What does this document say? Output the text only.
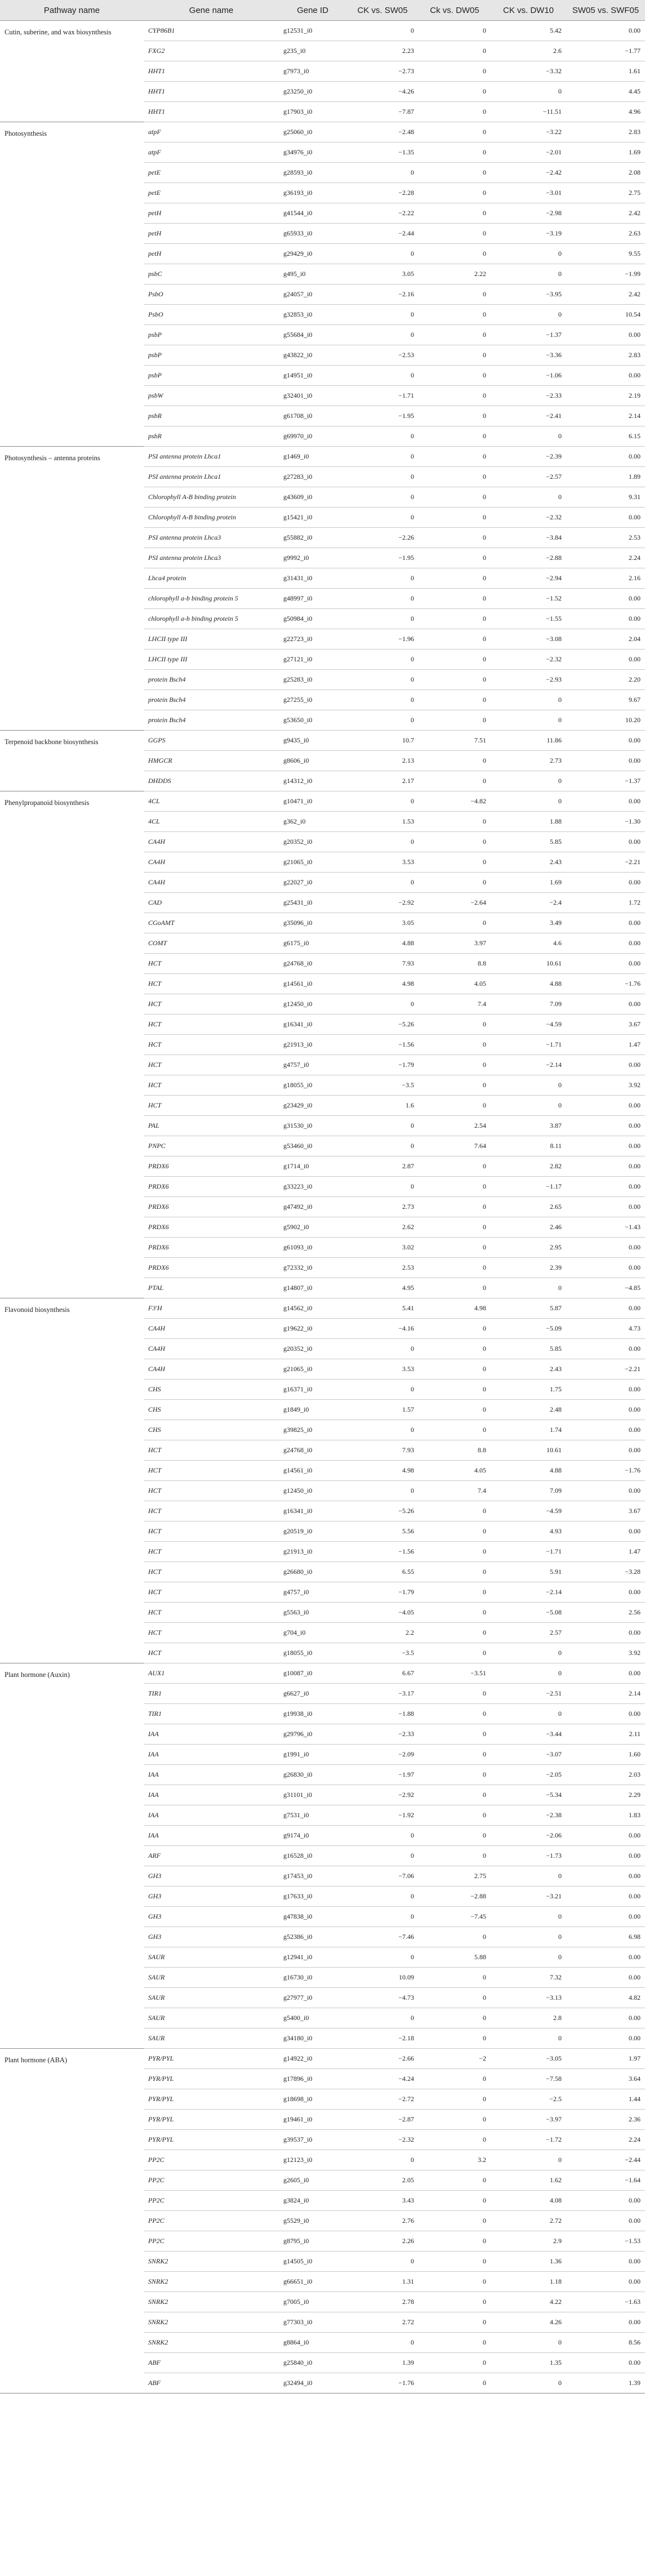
Pathway name	Gene name	Gene ID	CK vs. SW05	Ck vs. DW05	CK vs. DW10	SW05 vs. SWF05
Cutin, suberine, and wax biosynthesis	CYP86B1	g12531_i0	0	0	5.42	0.00
	FXG2	g235_i0	2.23	0	2.6	−1.77
	HHT1	g7973_i0	−2.73	0	−3.32	1.61
	HHT1	g23250_i0	−4.26	0	0	4.45
	HHT1	g17903_i0	−7.87	0	−11.51	4.96
Photosynthesis	atpF	g25060_i0	−2.48	0	−3.22	2.83
	atpF	g34976_i0	−1.35	0	−2.01	1.69
	petE	g28593_i0	0	0	−2.42	2.08
	petE	g36193_i0	−2.28	0	−3.01	2.75
	petH	g41544_i0	−2.22	0	−2.98	2.42
	petH	g65933_i0	−2.44	0	−3.19	2.63
	petH	g29429_i0	0	0	0	9.55
	psbC	g495_i0	3.05	2.22	0	−1.99
	PsbO	g24057_i0	−2.16	0	−3.95	2.42
	PsbO	g32853_i0	0	0	0	10.54
	psbP	g55684_i0	0	0	−1.37	0.00
	psbP	g43822_i0	−2.53	0	−3.36	2.83
	psbP	g14951_i0	0	0	−1.06	0.00
	psbW	g32401_i0	−1.71	0	−2.33	2.19
	psbR	g61708_i0	−1.95	0	−2.41	2.14
	psbR	g69970_i0	0	0	0	6.15
Photosynthesis – antenna proteins	PSI antenna protein Lhca1	g1469_i0	0	0	−2.39	0.00
	PSI antenna protein Lhca1	g27283_i0	0	0	−2.57	1.89
	Chlorophyll A-B binding protein	g43609_i0	0	0	0	9.31
	Chlorophyll A-B binding protein	g15421_i0	0	0	−2.32	0.00
	PSI antenna protein Lhca3	g55882_i0	−2.26	0	−3.84	2.53
	PSI antenna protein Lhca3	g9992_i0	−1.95	0	−2.88	2.24
	Lhca4 protein	g31431_i0	0	0	−2.94	2.16
	chlorophyll a-b binding protein 5	g48997_i0	0	0	−1.52	0.00
	chlorophyll a-b binding protein 5	g50984_i0	0	0	−1.55	0.00
	LHCII type III	g22723_i0	−1.96	0	−3.08	2.04
	LHCII type III	g27121_i0	0	0	−2.32	0.00
	protein Bsch4	g25283_i0	0	0	−2.93	2.20
	protein Bsch4	g27255_i0	0	0	0	9.67
	protein Bsch4	g53650_i0	0	0	0	10.20
Terpenoid backbone biosynthesis	GGPS	g9435_i0	10.7	7.51	11.86	0.00
	HMGCR	g8606_i0	2.13	0	2.73	0.00
	DHDDS	g14312_i0	2.17	0	0	−1.37
Phenylpropanoid biosynthesis	4CL	g10471_i0	0	−4.82	0	0.00
	4CL	g362_i0	1.53	0	1.88	−1.30
	CA4H	g20352_i0	0	0	5.85	0.00
	CA4H	g21065_i0	3.53	0	2.43	−2.21
	CA4H	g22027_i0	0	0	1.69	0.00
	CAD	g25431_i0	−2.92	−2.64	−2.4	1.72
	CGoAMT	g35096_i0	3.05	0	3.49	0.00
	COMT	g6175_i0	4.88	3.97	4.6	0.00
	HCT	g24768_i0	7.93	8.8	10.61	0.00
	HCT	g14561_i0	4.98	4.05	4.88	−1.76
	HCT	g12450_i0	0	7.4	7.09	0.00
	HCT	g16341_i0	−5.26	0	−4.59	3.67
	HCT	g21913_i0	−1.56	0	−1.71	1.47
	HCT	g4757_i0	−1.79	0	−2.14	0.00
	HCT	g18055_i0	−3.5	0	0	3.92
	HCT	g23429_i0	1.6	0	0	0.00
	PAL	g31530_i0	0	2.54	3.87	0.00
	PNPC	g53460_i0	0	7.64	8.11	0.00
	PRDX6	g1714_i0	2.87	0	2.82	0.00
	PRDX6	g33223_i0	0	0	−1.17	0.00
	PRDX6	g47492_i0	2.73	0	2.65	0.00
	PRDX6	g5902_i0	2.62	0	2.46	−1.43
	PRDX6	g61093_i0	3.02	0	2.95	0.00
	PRDX6	g72332_i0	2.53	0	2.39	0.00
	PTAL	g14807_i0	4.95	0	0	−4.85
Flavonoid biosynthesis	F3′H	g14562_i0	5.41	4.98	5.87	0.00
	CA4H	g19622_i0	−4.16	0	−5.09	4.73
	CA4H	g20352_i0	0	0	5.85	0.00
	CA4H	g21065_i0	3.53	0	2.43	−2.21
	CHS	g16371_i0	0	0	1.75	0.00
	CHS	g1849_i0	1.57	0	2.48	0.00
	CHS	g39825_i0	0	0	1.74	0.00
	HCT	g24768_i0	7.93	8.8	10.61	0.00
	HCT	g14561_i0	4.98	4.05	4.88	−1.76
	HCT	g12450_i0	0	7.4	7.09	0.00
	HCT	g16341_i0	−5.26	0	−4.59	3.67
	HCT	g20519_i0	5.56	0	4.93	0.00
	HCT	g21913_i0	−1.56	0	−1.71	1.47
	HCT	g26680_i0	6.55	0	5.91	−3.28
	HCT	g4757_i0	−1.79	0	−2.14	0.00
	HCT	g5563_i0	−4.05	0	−5.08	2.56
	HCT	g704_i0	2.2	0	2.57	0.00
	HCT	g18055_i0	−3.5	0	0	3.92
Plant hormone (Auxin)	AUX1	g10087_i0	6.67	−3.51	0	0.00
	TIR1	g6627_i0	−3.17	0	−2.51	2.14
	TIR1	g19938_i0	−1.88	0	0	0.00
	IAA	g29796_i0	−2.33	0	−3.44	2.11
	IAA	g1991_i0	−2.09	0	−3.07	1.60
	IAA	g26830_i0	−1.97	0	−2.05	2.03
	IAA	g31101_i0	−2.92	0	−5.34	2.29
	IAA	g7531_i0	−1.92	0	−2.38	1.83
	IAA	g9174_i0	0	0	−2.06	0.00
	ARF	g16528_i0	0	0	−1.73	0.00
	GH3	g17453_i0	−7.06	2.75	0	0.00
	GH3	g17633_i0	0	−2.88	−3.21	0.00
	GH3	g47838_i0	0	−7.45	0	0.00
	GH3	g52386_i0	−7.46	0	0	6.98
	SAUR	g12941_i0	0	5.88	0	0.00
	SAUR	g16730_i0	10.09	0	7.32	0.00
	SAUR	g27977_i0	−4.73	0	−3.13	4.82
	SAUR	g5400_i0	0	0	2.8	0.00
	SAUR	g34180_i0	−2.18	0	0	0.00
Plant hormone (ABA)	PYR/PYL	g14922_i0	−2.66	−2	−3.05	1.97
	PYR/PYL	g17896_i0	−4.24	0	−7.58	3.64
	PYR/PYL	g18698_i0	−2.72	0	−2.5	1.44
	PYR/PYL	g19461_i0	−2.87	0	−3.97	2.36
	PYR/PYL	g39537_i0	−2.32	0	−1.72	2.24
	PP2C	g12123_i0	0	3.2	0	−2.44
	PP2C	g2605_i0	2.05	0	1.62	−1.64
	PP2C	g3824_i0	3.43	0	4.08	0.00
	PP2C	g5529_i0	2.76	0	2.72	0.00
	PP2C	g8795_i0	2.26	0	2.9	−1.53
	SNRK2	g14505_i0	0	0	1.36	0.00
	SNRK2	g66651_i0	1.31	0	1.18	0.00
	SNRK2	g7005_i0	2.78	0	4.22	−1.63
	SNRK2	g77303_i0	2.72	0	4.26	0.00
	SNRK2	g8864_i0	0	0	0	8.56
	ABF	g25840_i0	1.39	0	1.35	0.00
	ABF	g32494_i0	−1.76	0	0	1.39
